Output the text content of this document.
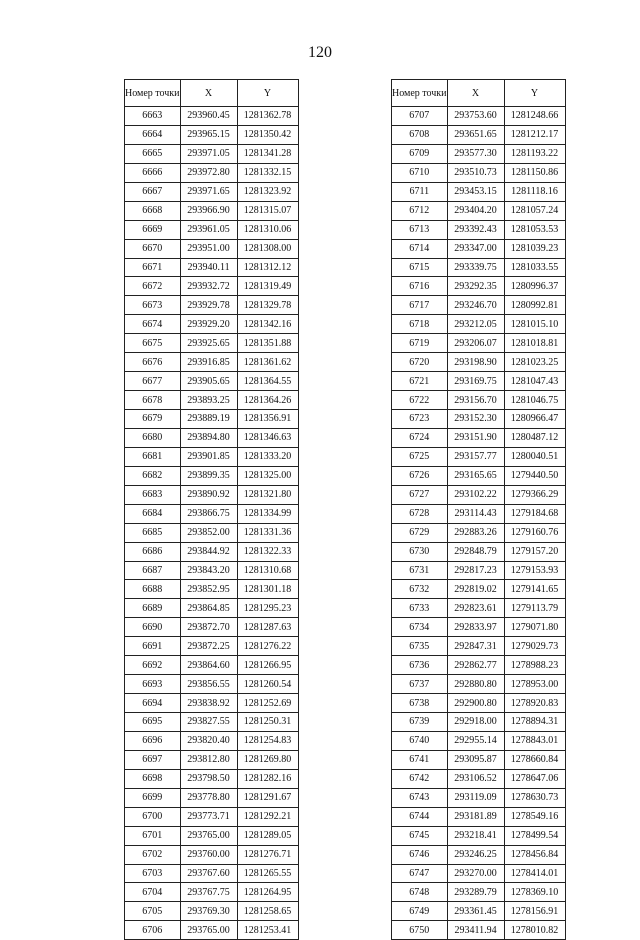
120
Номер точки	X	Y
6663	293960.45	1281362.78
6664	293965.15	1281350.42
6665	293971.05	1281341.28
6666	293972.80	1281332.15
6667	293971.65	1281323.92
6668	293966.90	1281315.07
6669	293961.05	1281310.06
6670	293951.00	1281308.00
6671	293940.11	1281312.12
6672	293932.72	1281319.49
6673	293929.78	1281329.78
6674	293929.20	1281342.16
6675	293925.65	1281351.88
6676	293916.85	1281361.62
6677	293905.65	1281364.55
6678	293893.25	1281364.26
6679	293889.19	1281356.91
6680	293894.80	1281346.63
6681	293901.85	1281333.20
6682	293899.35	1281325.00
6683	293890.92	1281321.80
6684	293866.75	1281334.99
6685	293852.00	1281331.36
6686	293844.92	1281322.33
6687	293843.20	1281310.68
6688	293852.95	1281301.18
6689	293864.85	1281295.23
6690	293872.70	1281287.63
6691	293872.25	1281276.22
6692	293864.60	1281266.95
6693	293856.55	1281260.54
6694	293838.92	1281252.69
6695	293827.55	1281250.31
6696	293820.40	1281254.83
6697	293812.80	1281269.80
6698	293798.50	1281282.16
6699	293778.80	1281291.67
6700	293773.71	1281292.21
6701	293765.00	1281289.05
6702	293760.00	1281276.71
6703	293767.60	1281265.55
6704	293767.75	1281264.95
6705	293769.30	1281258.65
6706	293765.00	1281253.41
Номер точки	X	Y
6707	293753.60	1281248.66
6708	293651.65	1281212.17
6709	293577.30	1281193.22
6710	293510.73	1281150.86
6711	293453.15	1281118.16
6712	293404.20	1281057.24
6713	293392.43	1281053.53
6714	293347.00	1281039.23
6715	293339.75	1281033.55
6716	293292.35	1280996.37
6717	293246.70	1280992.81
6718	293212.05	1281015.10
6719	293206.07	1281018.81
6720	293198.90	1281023.25
6721	293169.75	1281047.43
6722	293156.70	1281046.75
6723	293152.30	1280966.47
6724	293151.90	1280487.12
6725	293157.77	1280040.51
6726	293165.65	1279440.50
6727	293102.22	1279366.29
6728	293114.43	1279184.68
6729	292883.26	1279160.76
6730	292848.79	1279157.20
6731	292817.23	1279153.93
6732	292819.02	1279141.65
6733	292823.61	1279113.79
6734	292833.97	1279071.80
6735	292847.31	1279029.73
6736	292862.77	1278988.23
6737	292880.80	1278953.00
6738	292900.80	1278920.83
6739	292918.00	1278894.31
6740	292955.14	1278843.01
6741	293095.87	1278660.84
6742	293106.52	1278647.06
6743	293119.09	1278630.73
6744	293181.89	1278549.16
6745	293218.41	1278499.54
6746	293246.25	1278456.84
6747	293270.00	1278414.01
6748	293289.79	1278369.10
6749	293361.45	1278156.91
6750	293411.94	1278010.82
